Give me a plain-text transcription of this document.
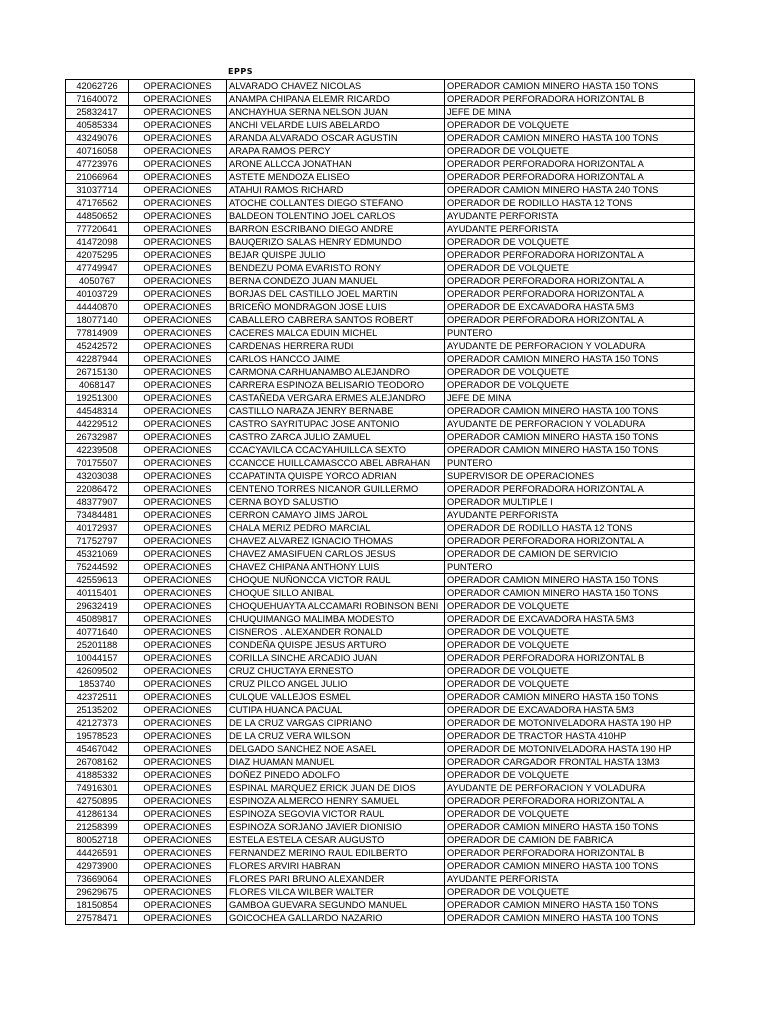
EPPS
42062726	OPERACIONES	ALVARADO CHAVEZ NICOLAS	OPERADOR CAMION MINERO HASTA 150 TONS
71640072	OPERACIONES	ANAMPA CHIPANA ELEMR RICARDO	OPERADOR PERFORADORA HORIZONTAL B
25832417	OPERACIONES	ANCHAYHUA SERNA NELSON JUAN	JEFE DE MINA
40585334	OPERACIONES	ANCHI VELARDE LUIS ABELARDO	OPERADOR DE VOLQUETE
43249076	OPERACIONES	ARANDA ALVARADO OSCAR AGUSTIN	OPERADOR CAMION MINERO HASTA 100 TONS
40716058	OPERACIONES	ARAPA RAMOS PERCY	OPERADOR DE VOLQUETE
47723976	OPERACIONES	ARONE ALLCCA JONATHAN	OPERADOR PERFORADORA HORIZONTAL A
21066964	OPERACIONES	ASTETE MENDOZA ELISEO	OPERADOR PERFORADORA HORIZONTAL A
31037714	OPERACIONES	ATAHUI RAMOS RICHARD	OPERADOR CAMION MINERO HASTA 240 TONS
47176562	OPERACIONES	ATOCHE COLLANTES DIEGO STEFANO	OPERADOR DE RODILLO HASTA 12 TONS
44850652	OPERACIONES	BALDEON TOLENTINO JOEL CARLOS	AYUDANTE PERFORISTA
77720641	OPERACIONES	BARRON ESCRIBANO DIEGO ANDRE	AYUDANTE PERFORISTA
41472098	OPERACIONES	BAUQERIZO SALAS HENRY EDMUNDO	OPERADOR DE VOLQUETE
42075295	OPERACIONES	BEJAR QUISPE JULIO	OPERADOR PERFORADORA HORIZONTAL A
47749947	OPERACIONES	BENDEZU POMA EVARISTO RONY	OPERADOR DE VOLQUETE
4050767	OPERACIONES	BERNA CONDEZO JUAN MANUEL	OPERADOR PERFORADORA HORIZONTAL A
40103729	OPERACIONES	BORJAS DEL CASTILLO JOEL MARTIN	OPERADOR PERFORADORA HORIZONTAL A
44440870	OPERACIONES	BRICEÑO MONDRAGON JOSE LUIS	OPERADOR DE EXCAVADORA HASTA 5M3
18077140	OPERACIONES	CABALLERO CABRERA SANTOS ROBERT	OPERADOR PERFORADORA HORIZONTAL A
77814909	OPERACIONES	CACERES MALCA EDUIN MICHEL	PUNTERO
45242572	OPERACIONES	CARDENAS HERRERA RUDI	AYUDANTE DE PERFORACION Y VOLADURA
42287944	OPERACIONES	CARLOS HANCCO JAIME	OPERADOR CAMION MINERO HASTA 150 TONS
26715130	OPERACIONES	CARMONA CARHUANAMBO ALEJANDRO	OPERADOR DE VOLQUETE
4068147	OPERACIONES	CARRERA ESPINOZA BELISARIO TEODORO	OPERADOR DE VOLQUETE
19251300	OPERACIONES	CASTAÑEDA VERGARA ERMES ALEJANDRO	JEFE DE MINA
44548314	OPERACIONES	CASTILLO NARAZA JENRY BERNABE	OPERADOR CAMION MINERO HASTA 100 TONS
44229512	OPERACIONES	CASTRO SAYRITUPAC JOSE ANTONIO	AYUDANTE DE PERFORACION Y VOLADURA
26732987	OPERACIONES	CASTRO ZARCA JULIO ZAMUEL	OPERADOR CAMION MINERO HASTA 150 TONS
42239508	OPERACIONES	CCACYAVILCA CCACYAHUILLCA SEXTO	OPERADOR CAMION MINERO HASTA 150 TONS
70175507	OPERACIONES	CCANCCE HUILLCAMASCCO ABEL ABRAHAN	PUNTERO
43203038	OPERACIONES	CCAPATINTA QUISPE YORCO ADRIAN	SUPERVISOR DE OPERACIONES
22086472	OPERACIONES	CENTENO TORRES NICANOR GUILLERMO	OPERADOR PERFORADORA HORIZONTAL A
48377907	OPERACIONES	CERNA BOYD SALUSTIO	OPERADOR MULTIPLE I
73484481	OPERACIONES	CERRON CAMAYO JIMS JAROL	AYUDANTE PERFORISTA
40172937	OPERACIONES	CHALA MERIZ PEDRO MARCIAL	OPERADOR DE RODILLO HASTA 12 TONS
71752797	OPERACIONES	CHAVEZ ALVAREZ IGNACIO THOMAS	OPERADOR PERFORADORA HORIZONTAL A
45321069	OPERACIONES	CHAVEZ AMASIFUEN CARLOS JESUS	OPERADOR DE CAMION DE SERVICIO
75244592	OPERACIONES	CHAVEZ CHIPANA ANTHONY LUIS	PUNTERO
42559613	OPERACIONES	CHOQUE NUÑONCCA VICTOR RAUL	OPERADOR CAMION MINERO HASTA 150 TONS
40115401	OPERACIONES	CHOQUE SILLO ANIBAL	OPERADOR CAMION MINERO HASTA 150 TONS
29632419	OPERACIONES	CHOQUEHUAYTA ALCCAMARI ROBINSON BENI	OPERADOR DE VOLQUETE
45089817	OPERACIONES	CHUQUIMANGO MALIMBA MODESTO	OPERADOR DE EXCAVADORA HASTA 5M3
40771640	OPERACIONES	CISNEROS . ALEXANDER RONALD	OPERADOR DE VOLQUETE
25201188	OPERACIONES	CONDEÑA QUISPE JESUS ARTURO	OPERADOR DE VOLQUETE
10044157	OPERACIONES	CORILLA SINCHE ARCADIO JUAN	OPERADOR PERFORADORA HORIZONTAL B
42609502	OPERACIONES	CRUZ CHUCTAYA ERNESTO	OPERADOR DE VOLQUETE
1853740	OPERACIONES	CRUZ PILCO ANGEL JULIO	OPERADOR DE VOLQUETE
42372511	OPERACIONES	CULQUE VALLEJOS ESMEL	OPERADOR CAMION MINERO HASTA 150 TONS
25135202	OPERACIONES	CUTIPA HUANCA PACUAL	OPERADOR DE EXCAVADORA HASTA 5M3
42127373	OPERACIONES	DE LA CRUZ VARGAS CIPRIANO	OPERADOR DE MOTONIVELADORA HASTA 190 HP
19578523	OPERACIONES	DE LA CRUZ VERA WILSON	OPERADOR DE TRACTOR HASTA 410HP
45467042	OPERACIONES	DELGADO SANCHEZ NOE ASAEL	OPERADOR DE MOTONIVELADORA HASTA 190 HP
26708162	OPERACIONES	DIAZ HUAMAN MANUEL	OPERADOR CARGADOR FRONTAL HASTA 13M3
41885332	OPERACIONES	DOÑEZ PINEDO ADOLFO	OPERADOR DE VOLQUETE
74916301	OPERACIONES	ESPINAL MARQUEZ ERICK JUAN DE DIOS	AYUDANTE DE PERFORACION Y VOLADURA
42750895	OPERACIONES	ESPINOZA ALMERCO HENRY SAMUEL	OPERADOR PERFORADORA HORIZONTAL A
41286134	OPERACIONES	ESPINOZA SEGOVIA VICTOR RAUL	OPERADOR DE VOLQUETE
21258399	OPERACIONES	ESPINOZA SORJANO JAVIER DIONISIO	OPERADOR CAMION MINERO HASTA 150 TONS
80052718	OPERACIONES	ESTELA ESTELA CESAR AUGUSTO	OPERADOR DE CAMION DE FABRICA
44426591	OPERACIONES	FERNANDEZ MERINO RAUL EDILBERTO	OPERADOR PERFORADORA HORIZONTAL B
42973900	OPERACIONES	FLORES ARVIRI HABRAN	OPERADOR CAMION MINERO HASTA 100 TONS
73669064	OPERACIONES	FLORES PARI BRUNO ALEXANDER	AYUDANTE PERFORISTA
29629675	OPERACIONES	FLORES VILCA WILBER WALTER	OPERADOR DE VOLQUETE
18150854	OPERACIONES	GAMBOA GUEVARA SEGUNDO MANUEL	OPERADOR CAMION MINERO HASTA 150 TONS
27578471	OPERACIONES	GOICOCHEA GALLARDO NAZARIO	OPERADOR CAMION MINERO HASTA 100 TONS
